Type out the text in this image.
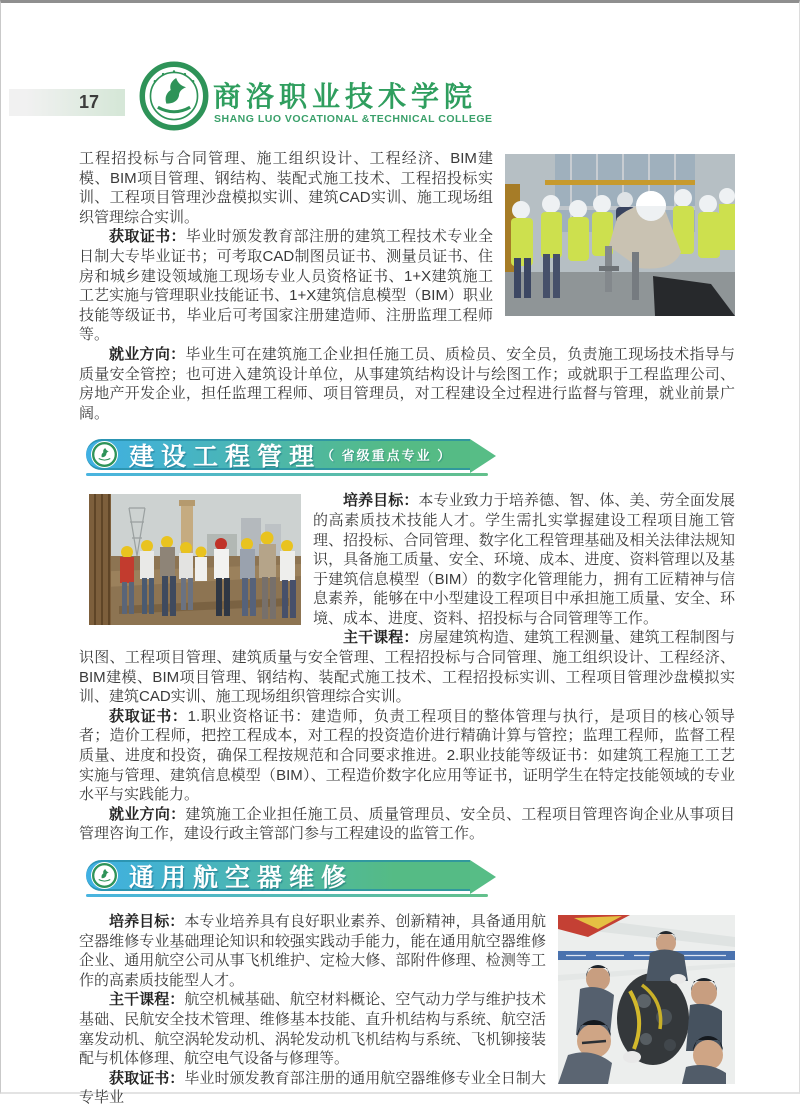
17	商洛职业技术学院
SHANG LUO VOCATIONAL &TECHNICAL COLLEGE

工程招投标与合同管理、施工组织设计、工程经济、BIM建模、BIM项目管理、钢结构、装配式施工技术、工程招投标实训、工程项目管理沙盘模拟实训、建筑CAD实训、施工现场组织管理综合实训。

获取证书：毕业时颁发教育部注册的建筑工程技术专业全日制大专毕业证书；可考取CAD制图员证书、测量员证书、住房和城乡建设领域施工现场专业人员资格证书、1+X建筑施工工艺实施与管理职业技能证书、1+X建筑信息模型（BIM）职业技能等级证书，毕业后可考国家注册建造师、注册监理工程师等。

就业方向：毕业生可在建筑施工企业担任施工员、质检员、安全员，负责施工现场技术指导与质量安全管控；也可进入建筑设计单位，从事建筑结构设计与绘图工作；或就职于工程监理公司、房地产开发企业，担任监理工程师、项目管理员，对工程建设全过程进行监督与管理，就业前景广阔。

建设工程管理 （ 省级重点专业 ）

培养目标：本专业致力于培养德、智、体、美、劳全面发展的高素质技术技能人才。学生需扎实掌握建设工程项目施工管理、招投标、合同管理、数字化工程管理基础及相关法律法规知识，具备施工质量、安全、环境、成本、进度、资料管理以及基于建筑信息模型（BIM）的数字化管理能力，拥有工匠精神与信息素养，能够在中小型建设工程项目中承担施工质量、安全、环境、成本、进度、资料、招投标与合同管理等工作。

主干课程：房屋建筑构造、建筑工程测量、建筑工程制图与识图、工程项目管理、建筑质量与安全管理、工程招投标与合同管理、施工组织设计、工程经济、BIM建模、BIM项目管理、钢结构、装配式施工技术、工程招投标实训、工程项目管理沙盘模拟实训、建筑CAD实训、施工现场组织管理综合实训。

获取证书：1.职业资格证书：建造师，负责工程项目的整体管理与执行，是项目的核心领导者；造价工程师，把控工程成本，对工程的投资造价进行精确计算与管控；监理工程师，监督工程质量、进度和投资，确保工程按规范和合同要求推进。2.职业技能等级证书：如建筑工程施工工艺实施与管理、建筑信息模型（BIM）、工程造价数字化应用等证书，证明学生在特定技能领域的专业水平与实践能力。

就业方向：建筑施工企业担任施工员、质量管理员、安全员、工程项目管理咨询企业从事项目管理咨询工作，建设行政主管部门参与工程建设的监管工作。

通用航空器维修

培养目标：本专业培养具有良好职业素养、创新精神，具备通用航空器维修专业基础理论知识和较强实践动手能力，能在通用航空器维修企业、通用航空公司从事飞机维护、定检大修、部附件修理、检测等工作的高素质技能型人才。

主干课程：航空机械基础、航空材料概论、空气动力学与维护技术基础、民航安全技术管理、维修基本技能、直升机结构与系统、航空活塞发动机、航空涡轮发动机、涡轮发动机飞机结构与系统、飞机铆接装配与机体修理、航空电气设备与修理等。

获取证书：毕业时颁发教育部注册的通用航空器维修专业全日制大专毕业
